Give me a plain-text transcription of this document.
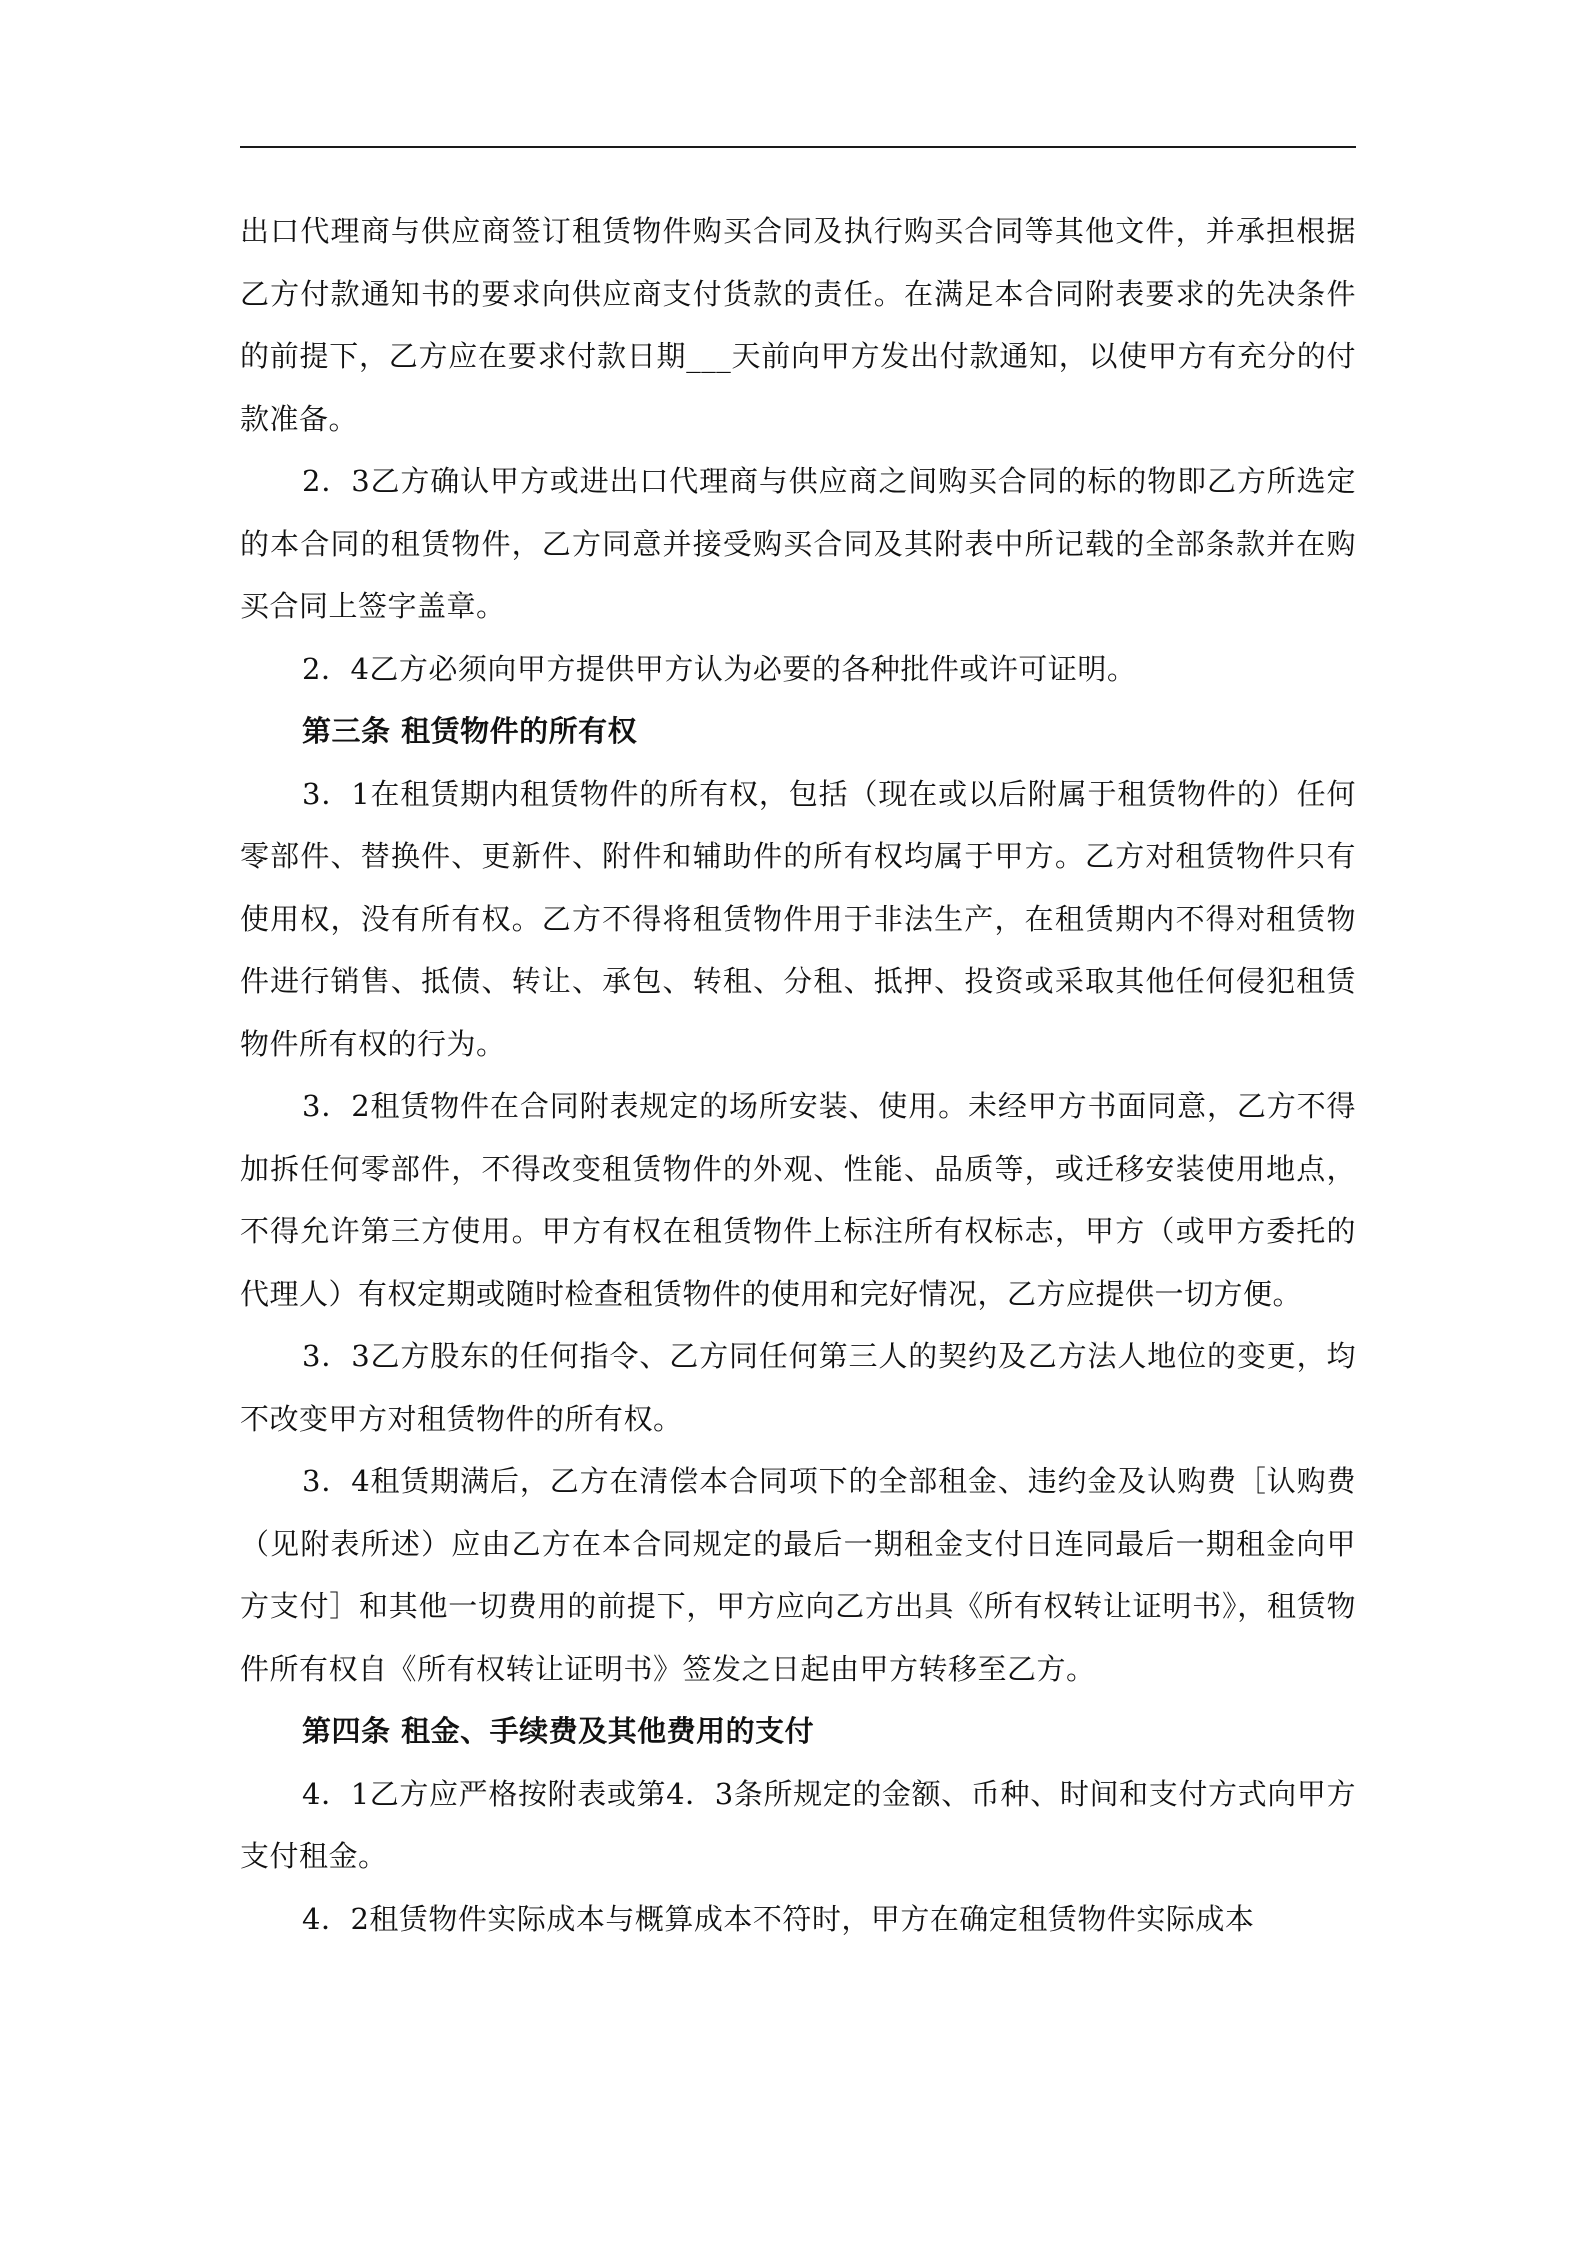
出口代理商与供应商签订租赁物件购买合同及执行购买合同等其他文件，并承担根据乙方付款通知书的要求向供应商支付货款的责任。在满足本合同附表要求的先决条件的前提下，乙方应在要求付款日期___天前向甲方发出付款通知，以使甲方有充分的付款准备。

2．3乙方确认甲方或进出口代理商与供应商之间购买合同的标的物即乙方所选定的本合同的租赁物件，乙方同意并接受购买合同及其附表中所记载的全部条款并在购买合同上签字盖章。

2．4乙方必须向甲方提供甲方认为必要的各种批件或许可证明。

第三条 租赁物件的所有权

3．1在租赁期内租赁物件的所有权，包括（现在或以后附属于租赁物件的）任何零部件、替换件、更新件、附件和辅助件的所有权均属于甲方。乙方对租赁物件只有使用权，没有所有权。乙方不得将租赁物件用于非法生产，在租赁期内不得对租赁物件进行销售、抵债、转让、承包、转租、分租、抵押、投资或采取其他任何侵犯租赁物件所有权的行为。

3．2租赁物件在合同附表规定的场所安装、使用。未经甲方书面同意，乙方不得加拆任何零部件，不得改变租赁物件的外观、性能、品质等，或迁移安装使用地点，不得允许第三方使用。甲方有权在租赁物件上标注所有权标志，甲方（或甲方委托的代理人）有权定期或随时检查租赁物件的使用和完好情况，乙方应提供一切方便。

3．3乙方股东的任何指令、乙方同任何第三人的契约及乙方法人地位的变更，均不改变甲方对租赁物件的所有权。

3．4租赁期满后，乙方在清偿本合同项下的全部租金、违约金及认购费［认购费（见附表所述）应由乙方在本合同规定的最后一期租金支付日连同最后一期租金向甲方支付］和其他一切费用的前提下，甲方应向乙方出具《所有权转让证明书》，租赁物件所有权自《所有权转让证明书》签发之日起由甲方转移至乙方。

第四条 租金、手续费及其他费用的支付

4．1乙方应严格按附表或第4．3条所规定的金额、币种、时间和支付方式向甲方支付租金。

4．2租赁物件实际成本与概算成本不符时，甲方在确定租赁物件实际成本
